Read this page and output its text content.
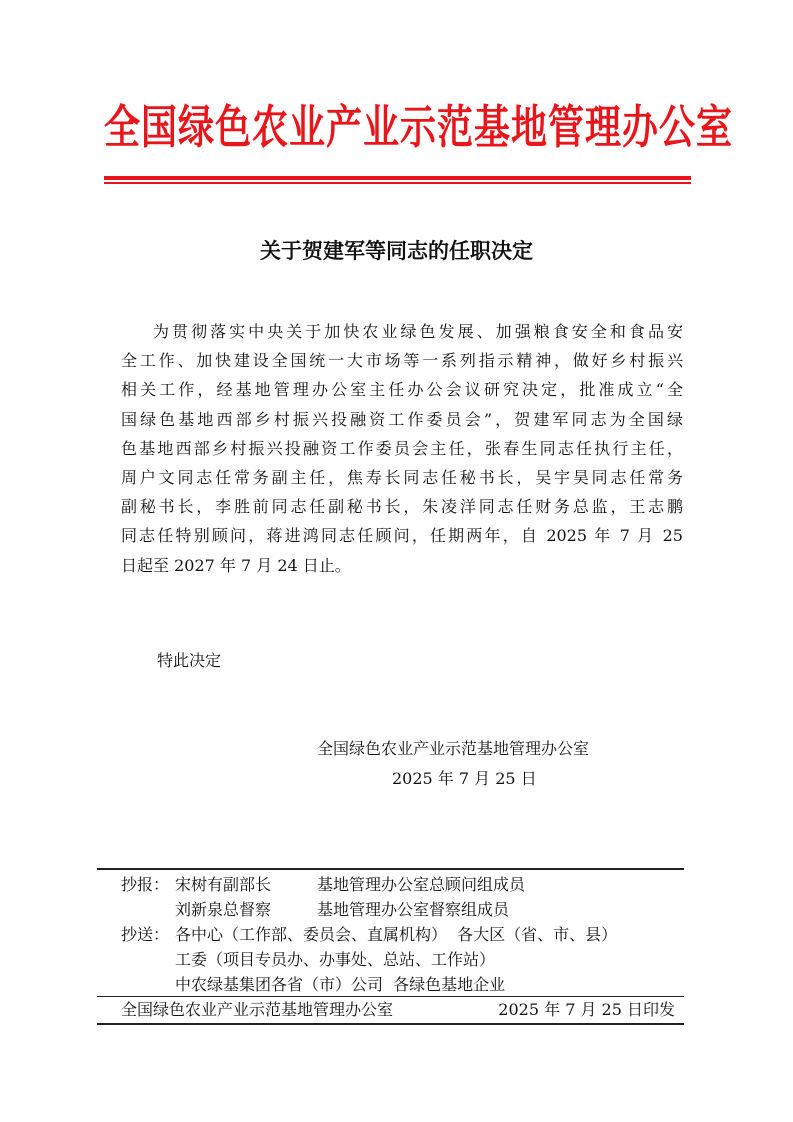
全国绿色农业产业示范基地管理办公室
关于贺建军等同志的任职决定

为贯彻落实中央关于加快农业绿色发展、加强粮食安全和食品安
全工作、加快建设全国统一大市场等一系列指示精神，做好乡村振兴
相关工作，经基地管理办公室主任办公会议研究决定，批准成立“全
国绿色基地西部乡村振兴投融资工作委员会”，贺建军同志为全国绿
色基地西部乡村振兴投融资工作委员会主任，张春生同志任执行主任，
周户文同志任常务副主任，焦寿长同志任秘书长，吴宇昊同志任常务
副秘书长，李胜前同志任副秘书长，朱凌洋同志任财务总监，王志鹏
同志任特别顾问，蒋进鸿同志任顾问，任期两年，自 2025 年 7 月 25
日起至 2027 年 7 月 24 日止。

特此决定
全国绿色农业产业示范基地管理办公室
2025 年 7 月 25 日
抄报： 宋树有副部长	基地管理办公室总顾问组成员
刘新泉总督察	基地管理办公室督察组成员
抄送： 各中心（工作部、委员会、直属机构）  各大区（省、市、县）
工委（项目专员办、办事处、总站、工作站）
中农绿基集团各省（市）公司  各绿色基地企业
全国绿色农业产业示范基地管理办公室	2025 年 7 月 25 日印发
